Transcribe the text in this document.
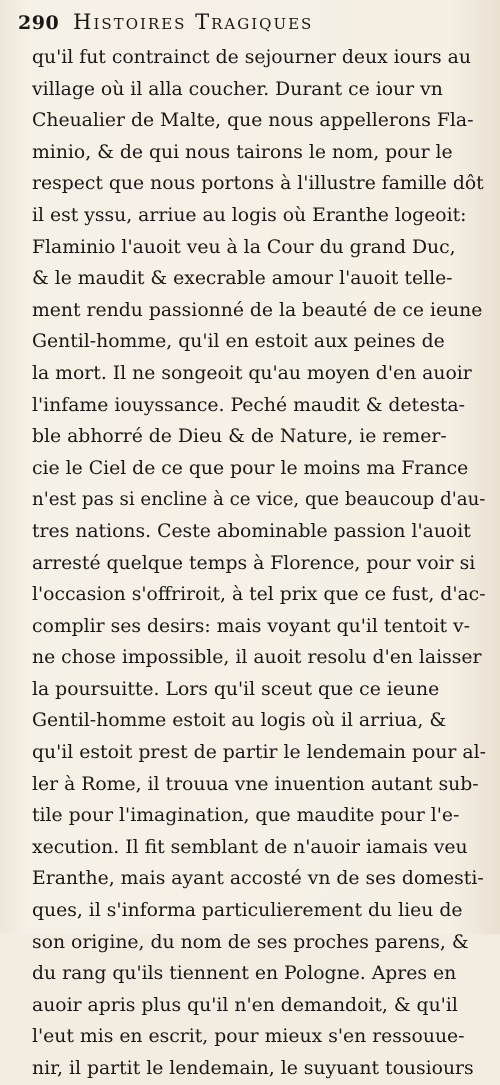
290 Histoires Tragiques
qu'il fut contrainct de sejourner deux iours au
village où il alla coucher. Durant ce iour vn
Cheualier de Malte, que nous appellerons Fla-
minio, & de qui nous tairons le nom, pour le
respect que nous portons à l'illustre famille dôt
il est yssu, arriue au logis où Eranthe logeoit:
Flaminio l'auoit veu à la Cour du grand Duc,
& le maudit & execrable amour l'auoit telle-
ment rendu passionné de la beauté de ce ieune
Gentil-homme, qu'il en estoit aux peines de
la mort. Il ne songeoit qu'au moyen d'en auoir
l'infame iouyssance. Peché maudit & detesta-
ble abhorré de Dieu & de Nature, ie remer-
cie le Ciel de ce que pour le moins ma France
n'est pas si encline à ce vice, que beaucoup d'au-
tres nations. Ceste abominable passion l'auoit
arresté quelque temps à Florence, pour voir si
l'occasion s'offriroit, à tel prix que ce fust, d'ac-
complir ses desirs: mais voyant qu'il tentoit v-
ne chose impossible, il auoit resolu d'en laisser
la poursuitte. Lors qu'il sceut que ce ieune
Gentil-homme estoit au logis où il arriua, &
qu'il estoit prest de partir le lendemain pour al-
ler à Rome, il trouua vne inuention autant sub-
tile pour l'imagination, que maudite pour l'e-
xecution. Il fit semblant de n'auoir iamais veu
Eranthe, mais ayant accosté vn de ses domesti-
ques, il s'informa particulierement du lieu de
son origine, du nom de ses proches parens, &
du rang qu'ils tiennent en Pologne. Apres en
auoir apris plus qu'il n'en demandoit, & qu'il
l'eut mis en escrit, pour mieux s'en ressouue-
nir, il partit le lendemain, le suyuant tousiours
